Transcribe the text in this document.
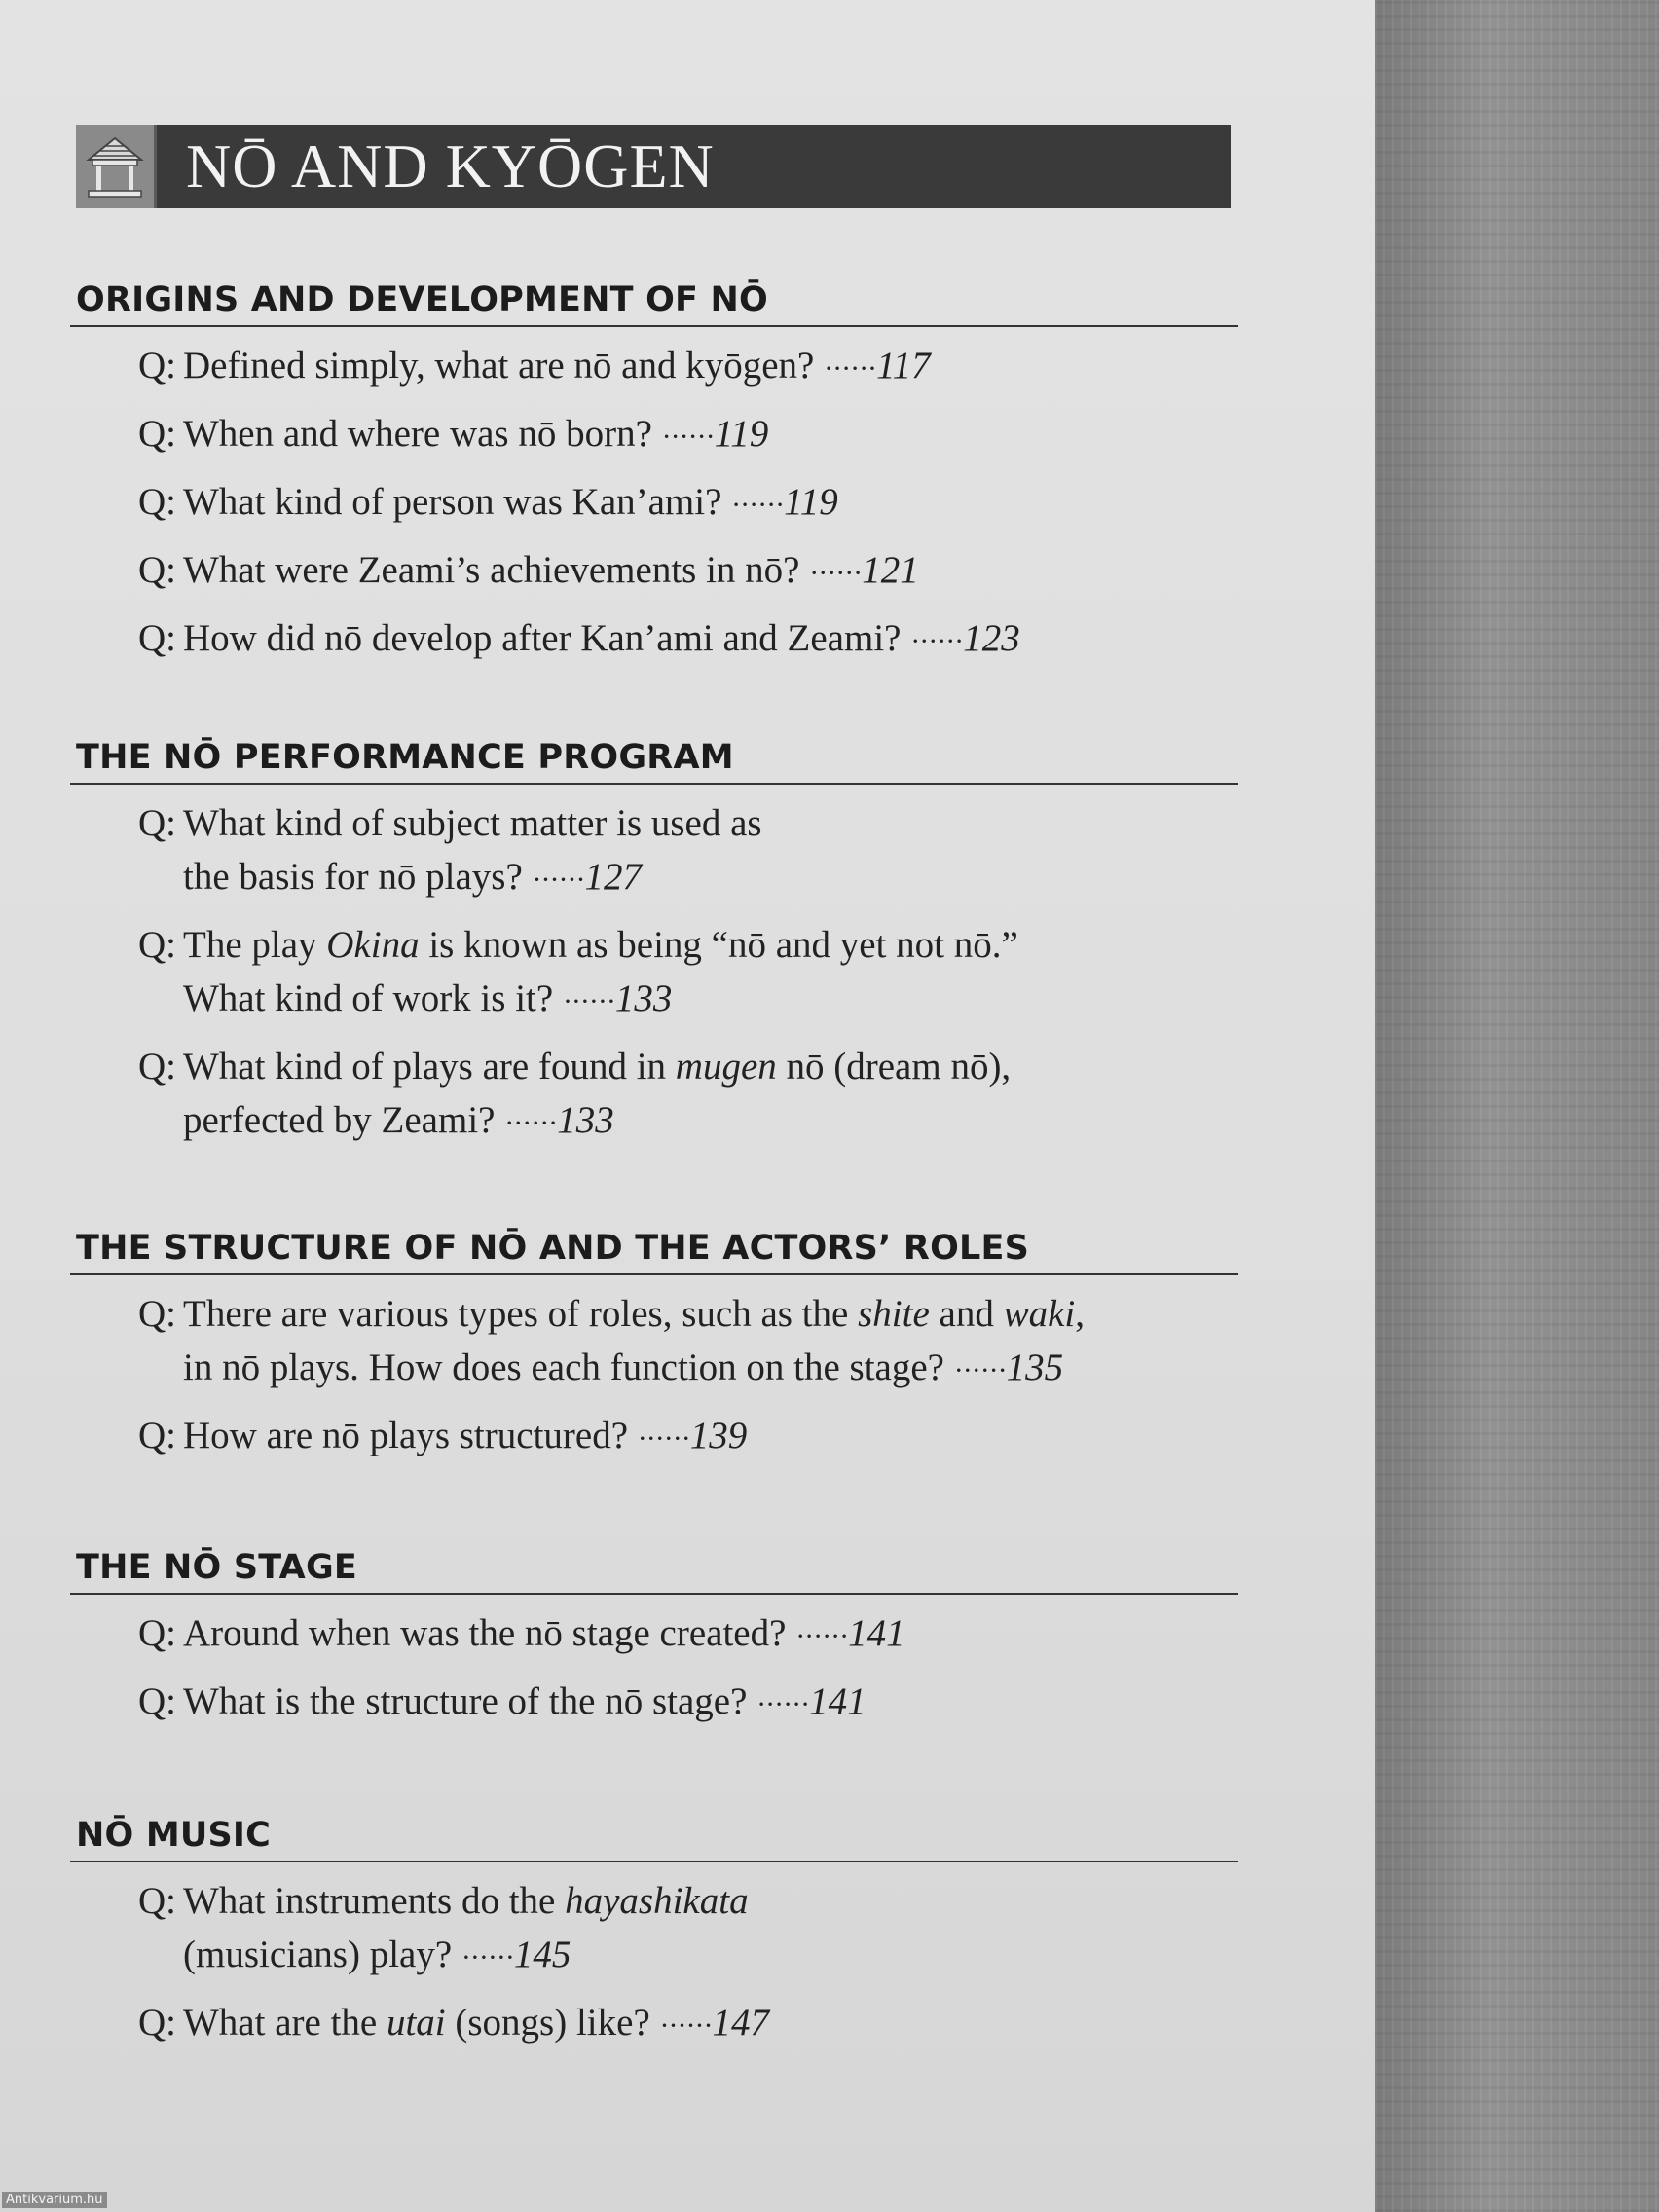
NŌ AND KYŌGEN
ORIGINS AND DEVELOPMENT OF NŌ
Q: Defined simply, what are nō and kyōgen? ······117
Q: When and where was nō born? ······119
Q: What kind of person was Kan’ami? ······119
Q: What were Zeami’s achievements in nō? ······121
Q: How did nō develop after Kan’ami and Zeami? ······123
THE NŌ PERFORMANCE PROGRAM
Q: What kind of subject matter is used as
the basis for nō plays? ······127
Q: The play Okina is known as being “nō and yet not nō.”
What kind of work is it? ······133
Q: What kind of plays are found in mugen nō (dream nō),
perfected by Zeami? ······133
THE STRUCTURE OF NŌ AND THE ACTORS’ ROLES
Q: There are various types of roles, such as the shite and waki,
in nō plays. How does each function on the stage? ······135
Q: How are nō plays structured? ······139
THE NŌ STAGE
Q: Around when was the nō stage created? ······141
Q: What is the structure of the nō stage? ······141
NŌ MUSIC
Q: What instruments do the hayashikata
(musicians) play? ······145
Q: What are the utai (songs) like? ······147
Antikvarium.hu
